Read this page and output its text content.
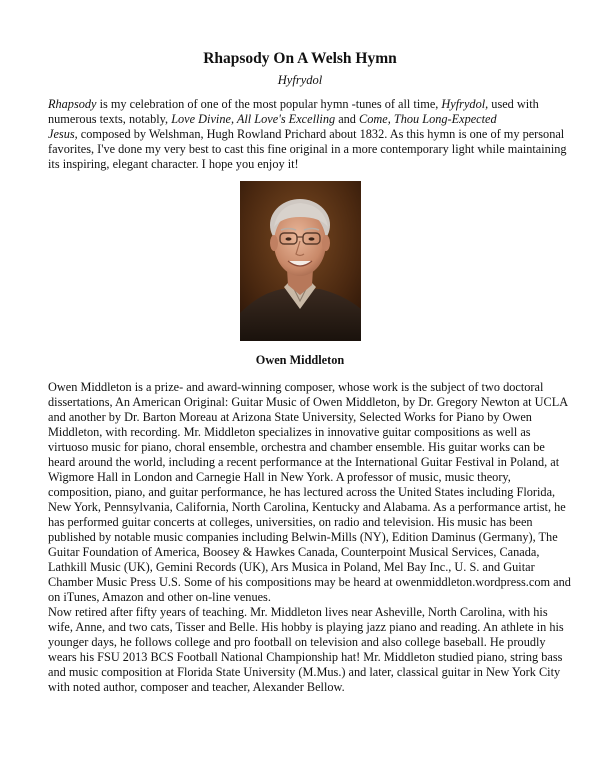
Rhapsody On A Welsh Hymn
Hyfrydol

Rhapsody is my celebration of one of the most popular hymn -tunes of all time, Hyfrydol, used with
numerous texts, notably, Love Divine, All Love's Excelling and Come, Thou Long-Expected
Jesus, composed by Welshman, Hugh Rowland Prichard about 1832. As this hymn is one of my personal
favorites, I've done my very best to cast this fine original in a more contemporary light while maintaining
its inspiring, elegant character. I hope you enjoy it!

Owen Middleton

Owen Middleton is a prize- and award-winning composer, whose work is the subject of two doctoral
dissertations, An American Original: Guitar Music of Owen Middleton, by Dr. Gregory Newton at UCLA
and another by Dr. Barton Moreau at Arizona State University, Selected Works for Piano by Owen
Middleton, with recording. Mr. Middleton specializes in innovative guitar compositions as well as
virtuoso music for piano, choral ensemble, orchestra and chamber ensemble. His guitar works can be
heard around the world, including a recent performance at the International Guitar Festival in Poland, at
Wigmore Hall in London and Carnegie Hall in New York. A professor of music, music theory,
composition, piano, and guitar performance, he has lectured across the United States including Florida,
New York, Pennsylvania, California, North Carolina, Kentucky and Alabama. As a performance artist, he
has performed guitar concerts at colleges, universities, on radio and television. His music has been
published by notable music companies including Belwin-Mills (NY), Edition Daminus (Germany), The
Guitar Foundation of America, Boosey & Hawkes Canada, Counterpoint Musical Services, Canada,
Lathkill Music (UK), Gemini Records (UK), Ars Musica in Poland, Mel Bay Inc., U. S. and Guitar
Chamber Music Press U.S. Some of his compositions may be heard at owenmiddleton.wordpress.com and
on iTunes, Amazon and other on-line venues.

Now retired after fifty years of teaching. Mr. Middleton lives near Asheville, North Carolina, with his
wife, Anne, and two cats, Tisser and Belle. His hobby is playing jazz piano and reading. An athlete in his
younger days, he follows college and pro football on television and also college baseball. He proudly
wears his FSU 2013 BCS Football National Championship hat! Mr. Middleton studied piano, string bass
and music composition at Florida State University (M.Mus.) and later, classical guitar in New York City
with noted author, composer and teacher, Alexander Bellow.
